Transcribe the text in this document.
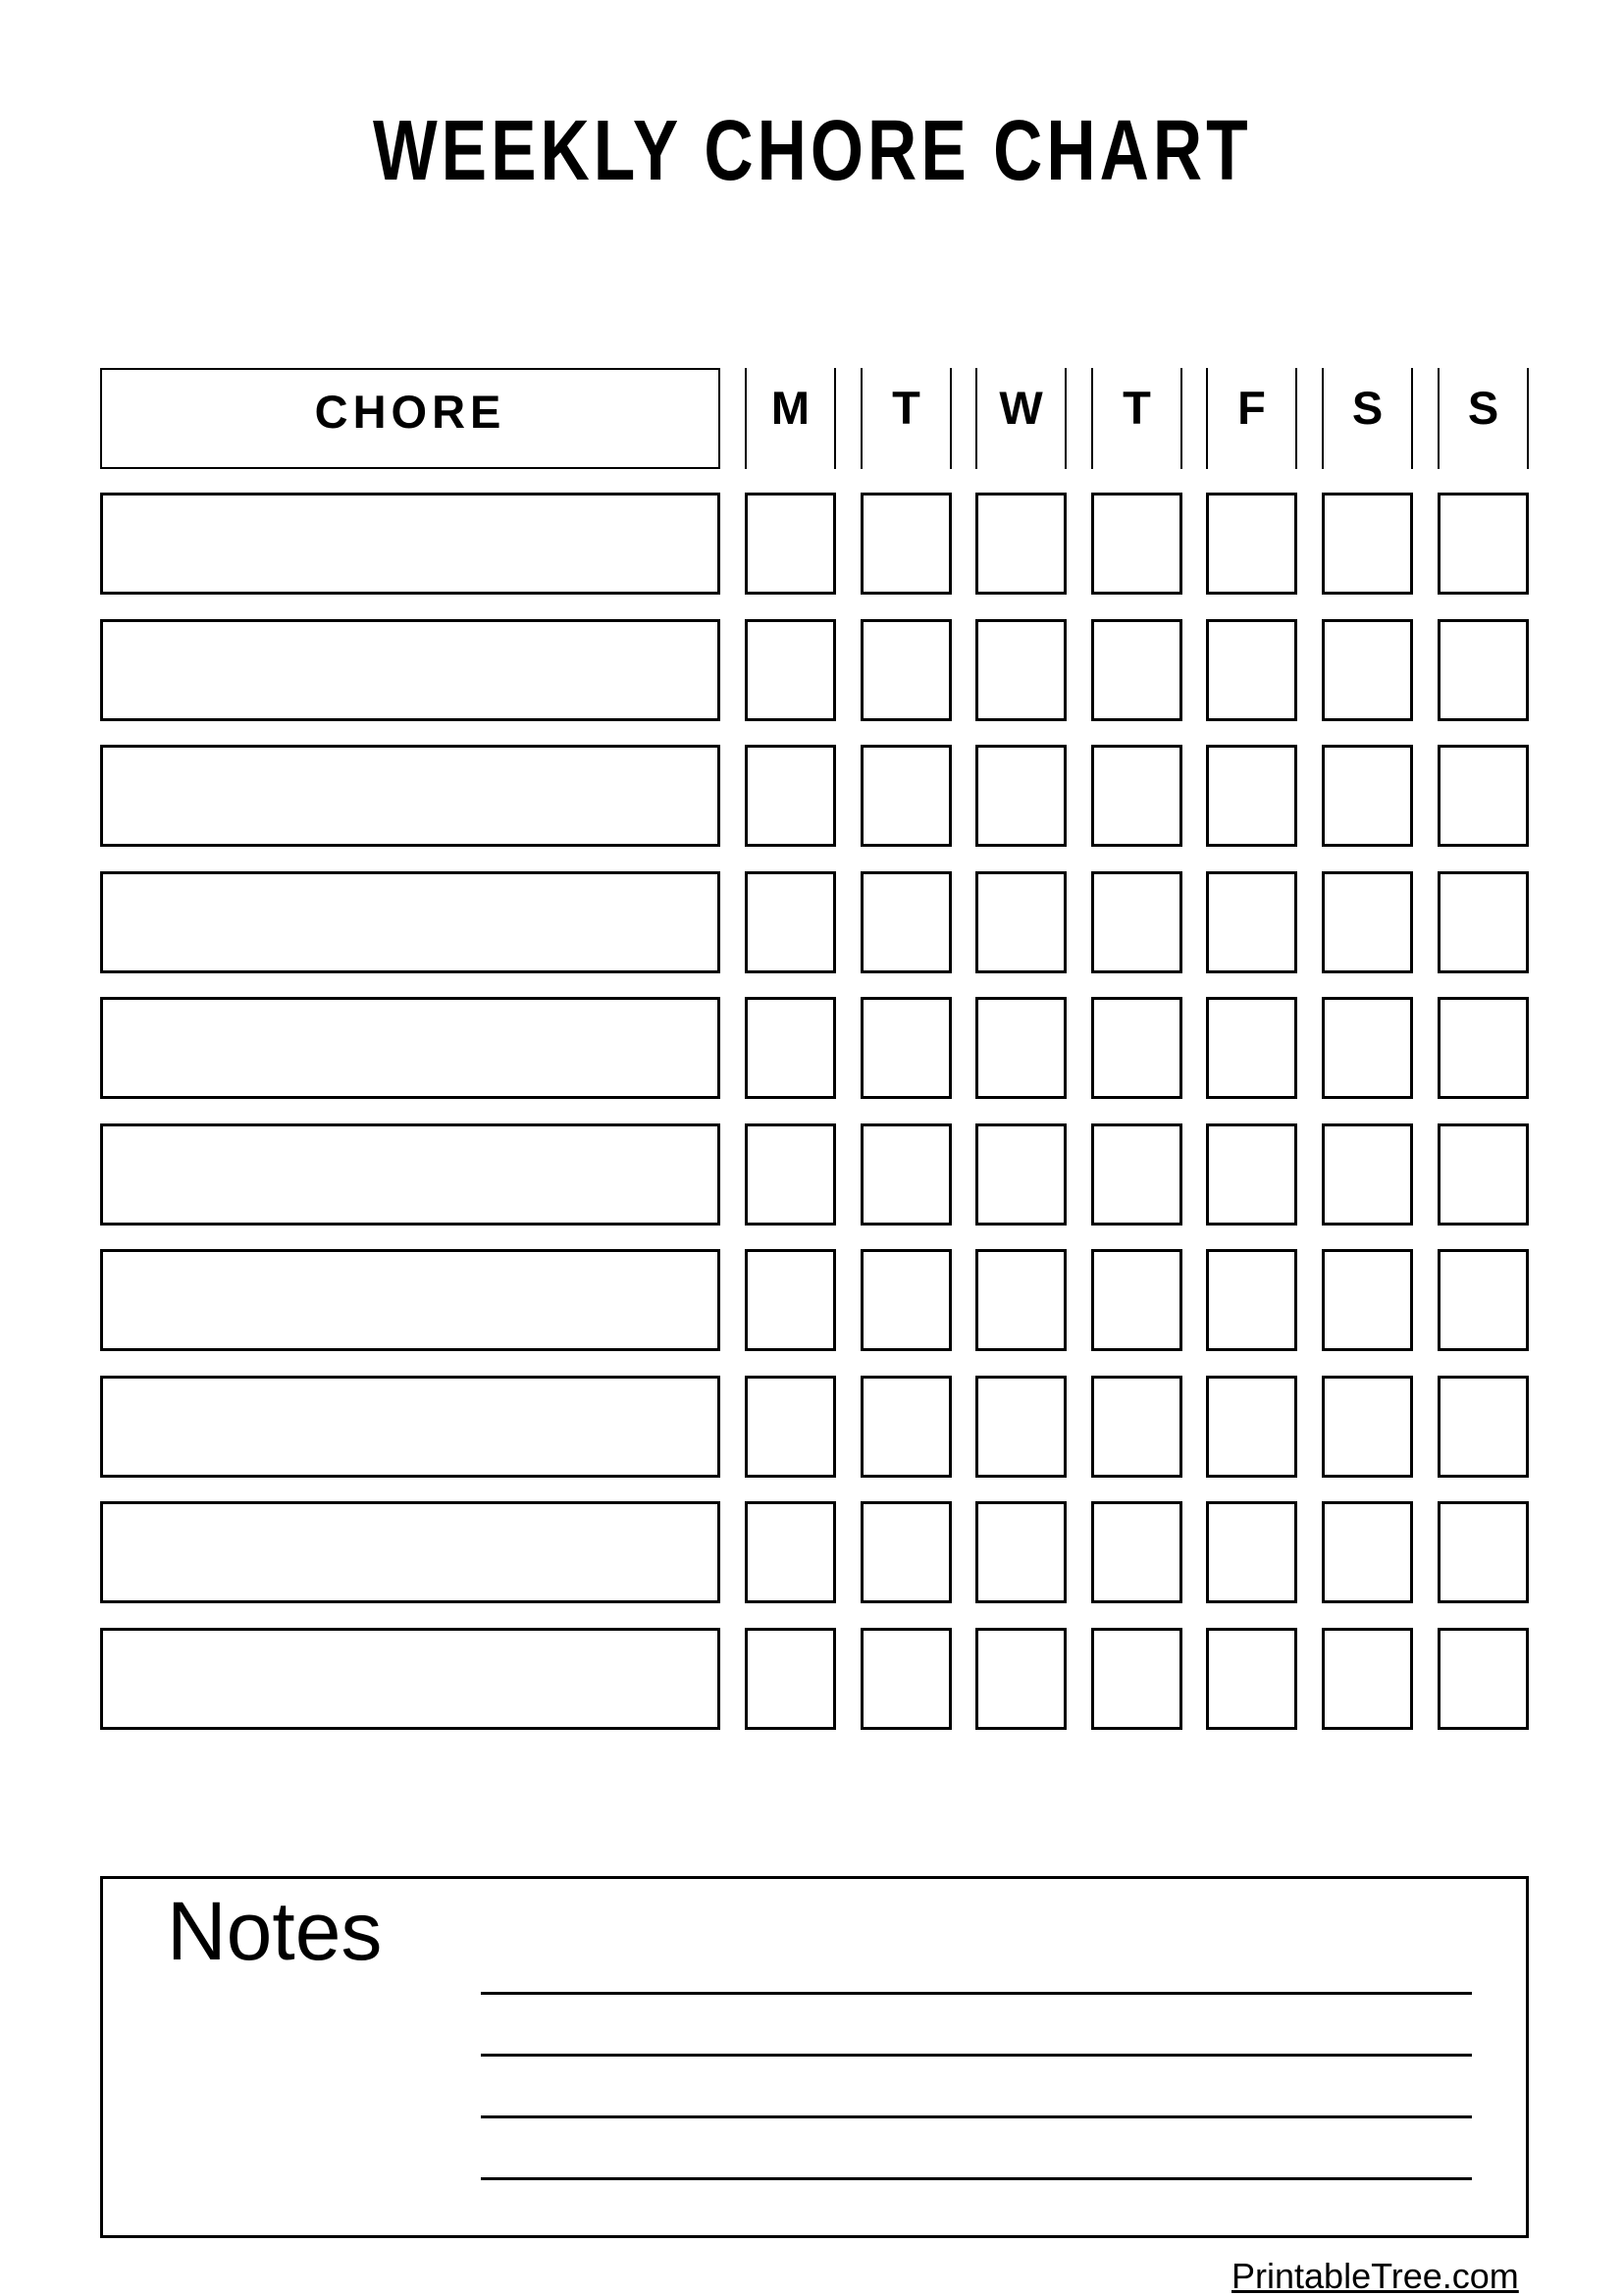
WEEKLY CHORE CHART
CHORE	M T W T F S S
Notes
PrintableTree.com
